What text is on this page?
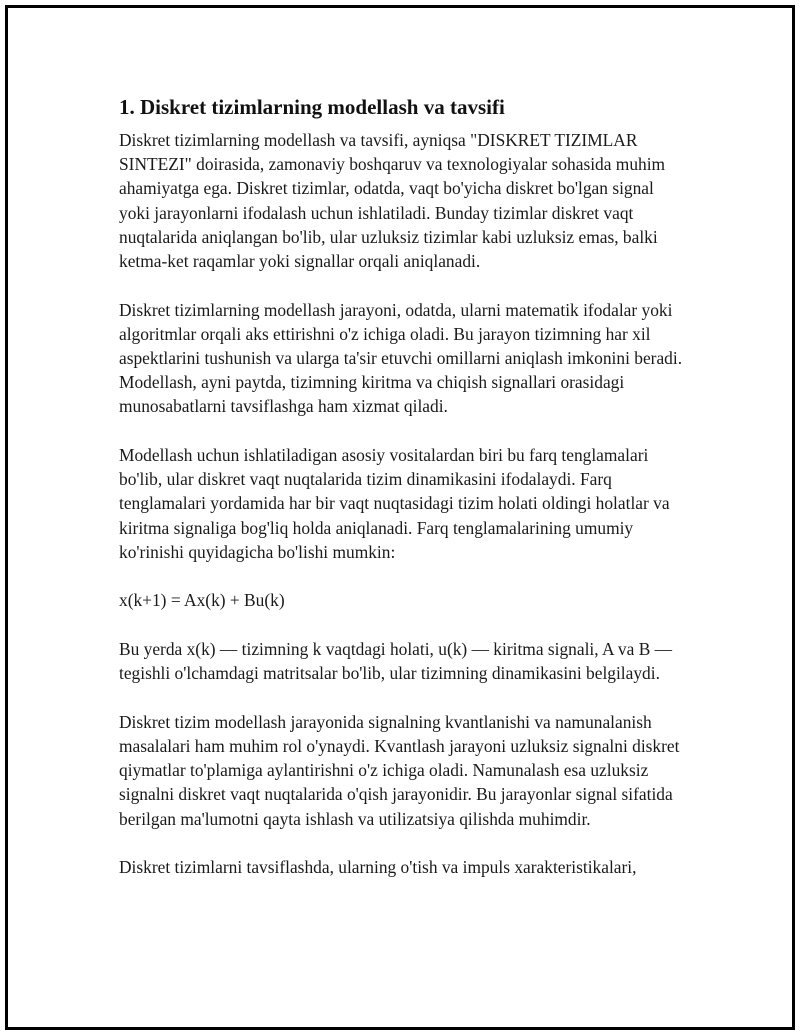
1. Diskret tizimlarning modellash va tavsifi

Diskret tizimlarning modellash va tavsifi, ayniqsa "DISKRET TIZIMLAR SINTEZI" doirasida, zamonaviy boshqaruv va texnologiyalar sohasida muhim ahamiyatga ega. Diskret tizimlar, odatda, vaqt bo'yicha diskret bo'lgan signal yoki jarayonlarni ifodalash uchun ishlatiladi. Bunday tizimlar diskret vaqt nuqtalarida aniqlangan bo'lib, ular uzluksiz tizimlar kabi uzluksiz emas, balki ketma-ket raqamlar yoki signallar orqali aniqlanadi.

Diskret tizimlarning modellash jarayoni, odatda, ularni matematik ifodalar yoki algoritmlar orqali aks ettirishni o'z ichiga oladi. Bu jarayon tizimning har xil aspektlarini tushunish va ularga ta'sir etuvchi omillarni aniqlash imkonini beradi. Modellash, ayni paytda, tizimning kiritma va chiqish signallari orasidagi munosabatlarni tavsiflashga ham xizmat qiladi.

Modellash uchun ishlatiladigan asosiy vositalardan biri bu farq tenglamalari bo'lib, ular diskret vaqt nuqtalarida tizim dinamikasini ifodalaydi. Farq tenglamalari yordamida har bir vaqt nuqtasidagi tizim holati oldingi holatlar va kiritma signaliga bog'liq holda aniqlanadi. Farq tenglamalarining umumiy ko'rinishi quyidagicha bo'lishi mumkin:

x(k+1) = Ax(k) + Bu(k)

Bu yerda x(k) — tizimning k vaqtdagi holati, u(k) — kiritma signali, A va B — tegishli o'lchamdagi matritsalar bo'lib, ular tizimning dinamikasini belgilaydi.

Diskret tizim modellash jarayonida signalning kvantlanishi va namunalanish masalalari ham muhim rol o'ynaydi. Kvantlash jarayoni uzluksiz signalni diskret qiymatlar to'plamiga aylantirishni o'z ichiga oladi. Namunalash esa uzluksiz signalni diskret vaqt nuqtalarida o'qish jarayonidir. Bu jarayonlar signal sifatida berilgan ma'lumotni qayta ishlash va utilizatsiya qilishda muhimdir.

Diskret tizimlarni tavsiflashda, ularning o'tish va impuls xarakteristikalari,
